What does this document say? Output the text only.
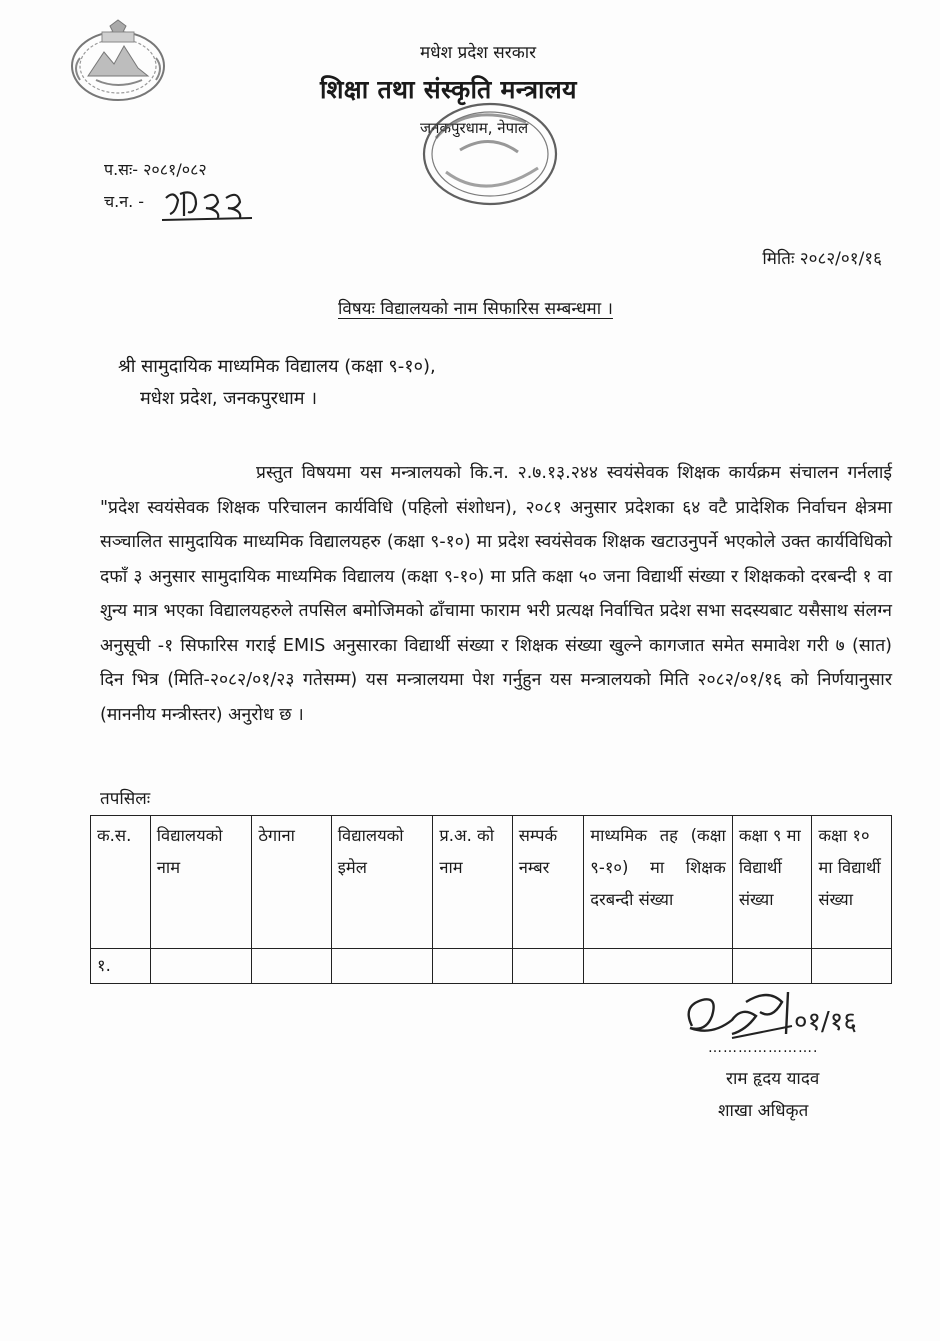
मधेश प्रदेश सरकार
शिक्षा तथा संस्कृति मन्त्रालय
जनकपुरधाम, नेपाल
प.सः- २०८१/०८२
च.न. -
मितिः २०८२/०१/१६
विषयः विद्यालयको नाम सिफारिस सम्बन्धमा ।
श्री सामुदायिक माध्यमिक विद्यालय (कक्षा ९-१०),
मधेश प्रदेश, जनकपुरधाम ।
प्रस्तुत विषयमा यस मन्त्रालयको कि.न. २.७.१३.२४४ स्वयंसेवक शिक्षक कार्यक्रम संचालन गर्नलाई "प्रदेश स्वयंसेवक शिक्षक परिचालन कार्यविधि (पहिलो संशोधन), २०८१ अनुसार प्रदेशका ६४ वटै प्रादेशिक निर्वाचन क्षेत्रमा सञ्चालित सामुदायिक माध्यमिक विद्यालयहरु (कक्षा ९-१०) मा प्रदेश स्वयंसेवक शिक्षक खटाउनुपर्ने भएकोले उक्त कार्यविधिको दफाँ ३ अनुसार सामुदायिक माध्यमिक विद्यालय (कक्षा ९-१०) मा प्रति कक्षा ५० जना विद्यार्थी संख्या र शिक्षकको दरबन्दी १ वा शुन्य मात्र भएका विद्यालयहरुले तपसिल बमोजिमको ढाँचामा फाराम भरी प्रत्यक्ष निर्वाचित प्रदेश सभा सदस्यबाट यसैसाथ संलग्न अनुसूची -१ सिफारिस गराई EMIS अनुसारका विद्यार्थी संख्या र शिक्षक संख्या खुल्ने कागजात समेत समावेश गरी ७ (सात) दिन भित्र (मिति-२०८२/०१/२३ गतेसम्म) यस मन्त्रालयमा पेश गर्नुहुन यस मन्त्रालयको मिति २०८२/०१/१६ को निर्णयानुसार (माननीय मन्त्रीस्तर) अनुरोध छ ।
तपसिलः
क.स.	विद्यालयको नाम	ठेगाना	विद्यालयको इमेल	प्र.अ. को नाम	सम्पर्क नम्बर	माध्यमिक तह (कक्षा ९-१०) मा शिक्षक दरबन्दी संख्या	कक्षा ९ मा विद्यार्थी संख्या	कक्षा १० मा विद्यार्थी संख्या
१.								
०१/१६
………………….
राम हृदय यादव
शाखा अधिकृत
